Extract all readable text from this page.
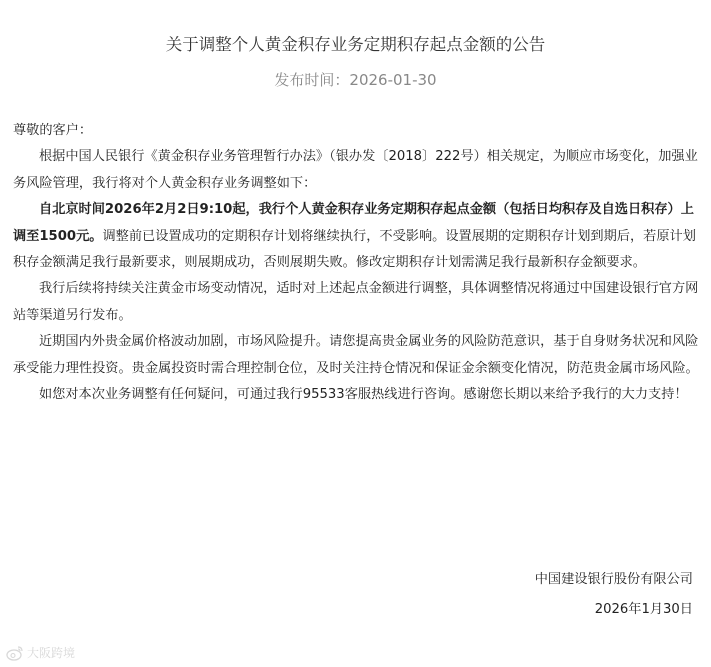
关于调整个人黄金积存业务定期积存起点金额的公告
发布时间：2026-01-30

尊敬的客户：

根据中国人民银行《黄金积存业务管理暂行办法》（银办发〔2018〕222号）相关规定，为顺应市场变化，加强业务风险管理，我行将对个人黄金积存业务调整如下：

自北京时间2026年2月2日9:10起，我行个人黄金积存业务定期积存起点金额（包括日均积存及自选日积存）上调至1500元。调整前已设置成功的定期积存计划将继续执行，不受影响。设置展期的定期积存计划到期后，若原计划积存金额满足我行最新要求，则展期成功，否则展期失败。修改定期积存计划需满足我行最新积存金额要求。

我行后续将持续关注黄金市场变动情况，适时对上述起点金额进行调整，具体调整情况将通过中国建设银行官方网站等渠道另行发布。

近期国内外贵金属价格波动加剧，市场风险提升。请您提高贵金属业务的风险防范意识，基于自身财务状况和风险承受能力理性投资。贵金属投资时需合理控制仓位，及时关注持仓情况和保证金余额变化情况，防范贵金属市场风险。

如您对本次业务调整有任何疑问，可通过我行95533客服热线进行咨询。感谢您长期以来给予我行的大力支持！

中国建设银行股份有限公司
2026年1月30日
大阪跨境
